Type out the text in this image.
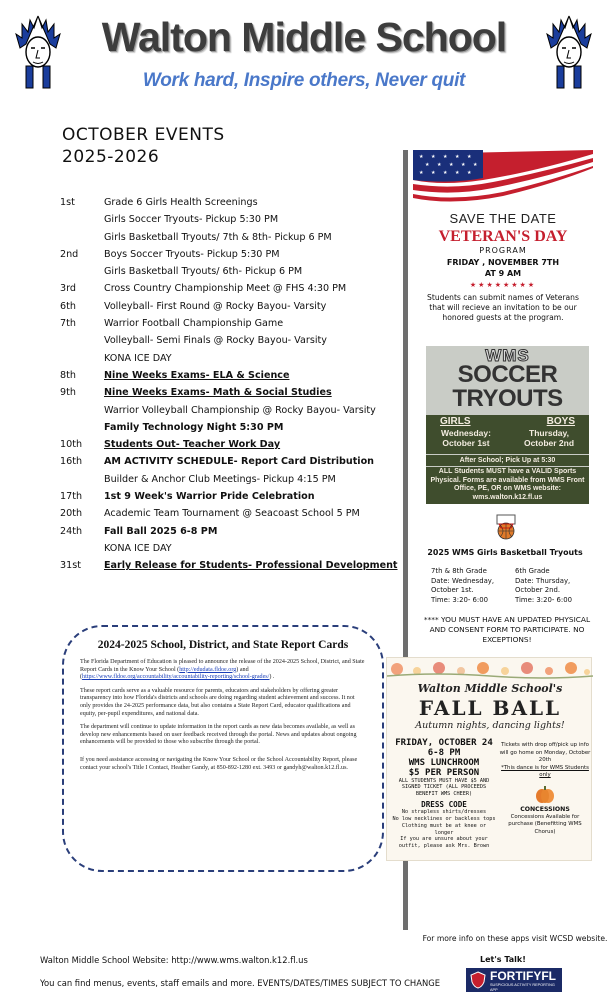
Walton Middle School
Work hard, Inspire others, Never quit
OCTOBER EVENTS
2025-2026
1st	Grade 6 Girls Health Screenings
Girls Soccer Tryouts- Pickup 5:30 PM
Girls Basketball Tryouts/ 7th & 8th- Pickup 6 PM
2nd	Boys Soccer Tryouts- Pickup 5:30 PM
Girls Basketball Tryouts/ 6th- Pickup 6 PM
3rd	Cross Country Championship Meet @ FHS 4:30 PM
6th	Volleyball- First Round @ Rocky Bayou- Varsity
7th	Warrior Football Championship Game
Volleyball- Semi Finals @ Rocky Bayou- Varsity
KONA ICE DAY
8th	Nine Weeks Exams- ELA & Science
9th	Nine Weeks Exams- Math & Social Studies
Warrior Volleyball Championship @ Rocky Bayou- Varsity
Family Technology Night 5:30 PM
10th	Students Out- Teacher Work Day
16th	AM ACTIVITY SCHEDULE- Report Card Distribution
Builder & Anchor Club Meetings- Pickup 4:15 PM
17th	1st 9 Week's Warrior Pride Celebration
20th	Academic Team Tournament @ Seacoast School 5 PM
24th	Fall Ball 2025 6-8 PM
KONA ICE DAY
31st	Early Release for Students- Professional Development
2024-2025 School, District, and State Report Cards

The Florida Department of Education is pleased to announce the release of the 2024-2025 School, District, and State Report Cards in the Know Your School (http://edudata.fldoe.org) and (https://www.fldoe.org/accountability/accountability-reporting/school-grades/) .

These report cards serve as a valuable resource for parents, educators and stakeholders by offering greater transparency into how Florida's districts and schools are doing regarding student achievement and success. It not only provides the 24-2025 performance data, but also contains a State Report Card, educator qualifications and equity, per-pupil expenditures, and national data.

The department will continue to update information in the report cards as new data becomes available, as well as develop new enhancements based on user feedback received through the portal. News and updates about ongoing enhancements will be provided to those who subscribe through the portal.

If you need assistance accessing or navigating the Know Your School or the School Accountability Report, please contact your school's Title I Contact, Heather Gandy, at 850-892-1280 ext. 3493 or gandyh@walton.k12.fl.us.

Walton Middle School Website: http://www.wms.walton.k12.fl.us
You can find menus, events, staff emails and more. EVENTS/DATES/TIMES SUBJECT TO CHANGE
★ ★ ★ ★ ★
★ ★ ★ ★ ★
★ ★ ★ ★ ★
SAVE THE DATE
VETERAN'S DAY
PROGRAM
FRIDAY , NOVEMBER 7TH
AT 9 AM
★★★★★★★★
Students can submit names of Veterans that will recieve an invitation to be our honored guests at the program.
WMS
SOCCER
TRYOUTS
GIRLS	BOYS
Wednesday:
October 1st
Thursday,
October 2nd
After School; Pick Up at 5:30
ALL Students MUST have a VALID Sports Physical. Forms are available from WMS Front Office, PE, OR on WMS website: wms.walton.k12.fl.us
2025 WMS Girls Basketball Tryouts
7th & 8th Grade
Date: Wednesday, October 1st.
Time: 3:20- 6:00
6th Grade
Date: Thursday, October 2nd.
Time: 3:20- 6:00
**** YOU MUST HAVE AN UPDATED PHYSICAL AND CONSENT FORM TO PARTICIPATE. NO EXCEPTIONS!
Walton Middle School's
FALL BALL
Autumn nights, dancing lights!
FRIDAY, OCTOBER 24
6-8 PM
WMS LUNCHROOM
$5 PER PERSON
ALL STUDENTS MUST HAVE $5 AND SIGNED TICKET (ALL PROCEEDS BENEFIT WMS CHEER)
DRESS CODE
No strapless shirts/dresses
No low necklines or backless tops
Clothing must be at knee or longer
If you are unsure about your outfit, please ask Mrs. Brown
Tickets with drop off/pick up info will go home on Monday, October 20th
*This dance is for WMS Students only
CONCESSIONS
Concessions Available for purchase (Benefitting WMS Chorus)
For more info on these apps visit WCSD website.
Let's Talk!
FORTIFYFL
SUSPICIOUS ACTIVITY REPORTING APP
